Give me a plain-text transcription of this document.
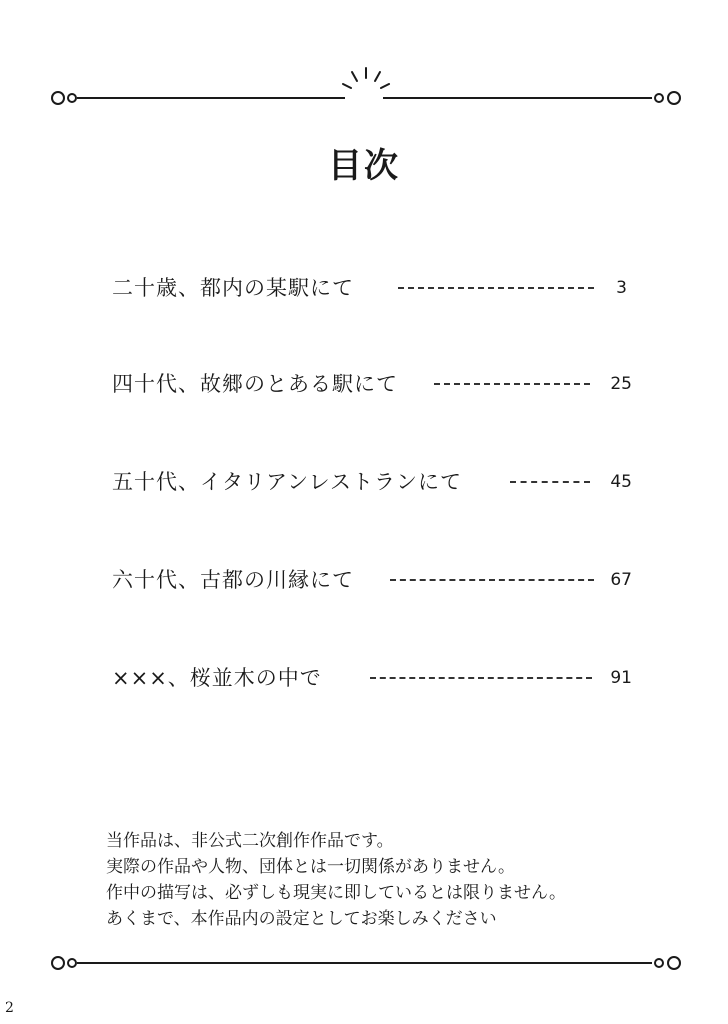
目次
二十歳、都内の某駅にて	3
四十代、故郷のとある駅にて	25
五十代、イタリアンレストランにて	45
六十代、古都の川縁にて	67
×××、桜並木の中で	91
当作品は、非公式二次創作作品です。
実際の作品や人物、団体とは一切関係がありません。
作中の描写は、必ずしも現実に即しているとは限りません。
あくまで、本作品内の設定としてお楽しみください
2
